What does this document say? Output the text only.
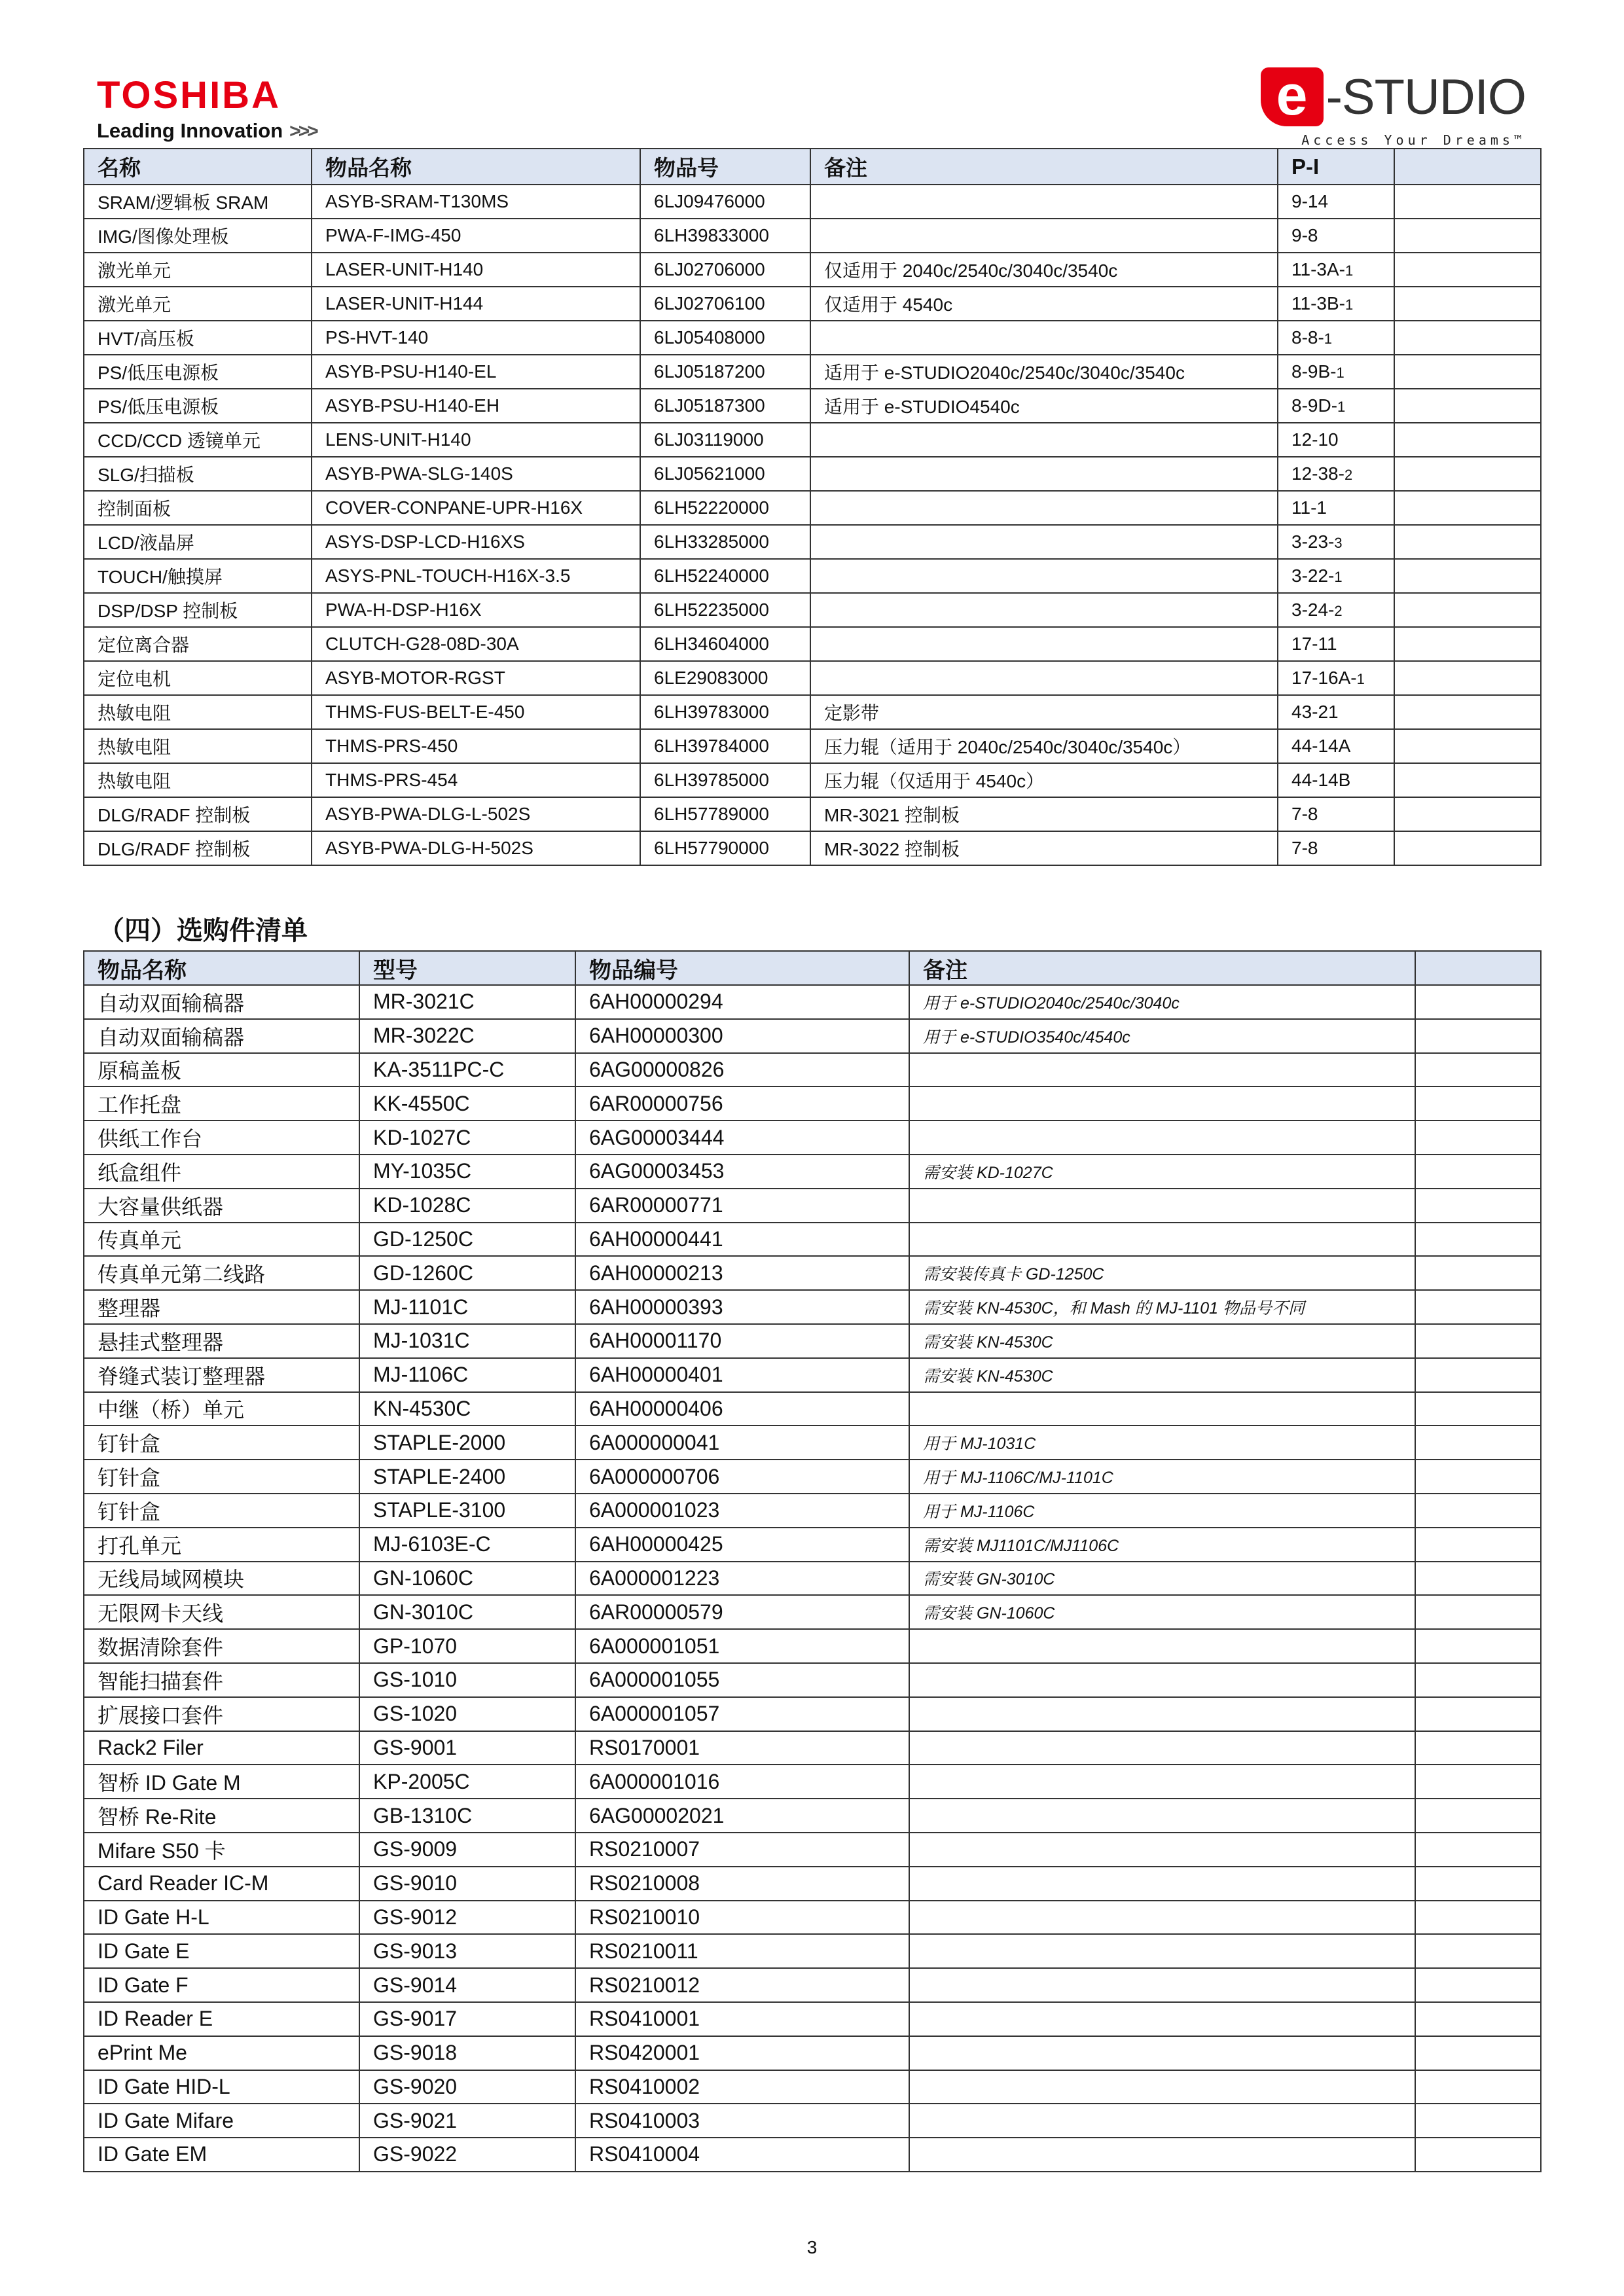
TOSHIBA
Leading Innovation >>>
e -STUDIO
Access Your Dreams™
名称	物品名称	物品号	备注	P-I	
SRAM/逻辑板 SRAM	ASYB-SRAM-T130MS	6LJ09476000		9-14	
IMG/图像处理板	PWA-F-IMG-450	6LH39833000		9-8	
激光单元	LASER-UNIT-H140	6LJ02706000	仅适用于 2040c/2540c/3040c/3540c	11-3A-1	
激光单元	LASER-UNIT-H144	6LJ02706100	仅适用于 4540c	11-3B-1	
HVT/高压板	PS-HVT-140	6LJ05408000		8-8-1	
PS/低压电源板	ASYB-PSU-H140-EL	6LJ05187200	适用于 e-STUDIO2040c/2540c/3040c/3540c	8-9B-1	
PS/低压电源板	ASYB-PSU-H140-EH	6LJ05187300	适用于 e-STUDIO4540c	8-9D-1	
CCD/CCD 透镜单元	LENS-UNIT-H140	6LJ03119000		12-10	
SLG/扫描板	ASYB-PWA-SLG-140S	6LJ05621000		12-38-2	
控制面板	COVER-CONPANE-UPR-H16X	6LH52220000		11-1	
LCD/液晶屏	ASYS-DSP-LCD-H16XS	6LH33285000		3-23-3	
TOUCH/触摸屏	ASYS-PNL-TOUCH-H16X-3.5	6LH52240000		3-22-1	
DSP/DSP 控制板	PWA-H-DSP-H16X	6LH52235000		3-24-2	
定位离合器	CLUTCH-G28-08D-30A	6LH34604000		17-11	
定位电机	ASYB-MOTOR-RGST	6LE29083000		17-16A-1	
热敏电阻	THMS-FUS-BELT-E-450	6LH39783000	定影带	43-21	
热敏电阻	THMS-PRS-450	6LH39784000	压力辊（适用于 2040c/2540c/3040c/3540c）	44-14A	
热敏电阻	THMS-PRS-454	6LH39785000	压力辊（仅适用于 4540c）	44-14B	
DLG/RADF 控制板	ASYB-PWA-DLG-L-502S	6LH57789000	MR-3021 控制板	7-8	
DLG/RADF 控制板	ASYB-PWA-DLG-H-502S	6LH57790000	MR-3022 控制板	7-8	
（四）选购件清单
物品名称	型号	物品编号	备注	
自动双面输稿器	MR-3021C	6AH00000294	用于 e-STUDIO2040c/2540c/3040c	
自动双面输稿器	MR-3022C	6AH00000300	用于 e-STUDIO3540c/4540c	
原稿盖板	KA-3511PC-C	6AG00000826		
工作托盘	KK-4550C	6AR00000756		
供纸工作台	KD-1027C	6AG00003444		
纸盒组件	MY-1035C	6AG00003453	需安装 KD-1027C	
大容量供纸器	KD-1028C	6AR00000771		
传真单元	GD-1250C	6AH00000441		
传真单元第二线路	GD-1260C	6AH00000213	需安装传真卡 GD-1250C	
整理器	MJ-1101C	6AH00000393	需安装 KN-4530C，和 Mash 的 MJ-1101 物品号不同	
悬挂式整理器	MJ-1031C	6AH00001170	需安装 KN-4530C	
脊缝式装订整理器	MJ-1106C	6AH00000401	需安装 KN-4530C	
中继（桥）单元	KN-4530C	6AH00000406		
钉针盒	STAPLE-2000	6A000000041	用于 MJ-1031C	
钉针盒	STAPLE-2400	6A000000706	用于 MJ-1106C/MJ-1101C	
钉针盒	STAPLE-3100	6A000001023	用于 MJ-1106C	
打孔单元	MJ-6103E-C	6AH00000425	需安装 MJ1101C/MJ1106C	
无线局域网模块	GN-1060C	6A000001223	需安装 GN-3010C	
无限网卡天线	GN-3010C	6AR00000579	需安装 GN-1060C	
数据清除套件	GP-1070	6A000001051		
智能扫描套件	GS-1010	6A000001055		
扩展接口套件	GS-1020	6A000001057		
Rack2 Filer	GS-9001	RS0170001		
智桥 ID Gate M	KP-2005C	6A000001016		
智桥 Re-Rite	GB-1310C	6AG00002021		
Mifare S50 卡	GS-9009	RS0210007		
Card Reader IC-M	GS-9010	RS0210008		
ID Gate H-L	GS-9012	RS0210010		
ID Gate E	GS-9013	RS0210011		
ID Gate F	GS-9014	RS0210012		
ID Reader E	GS-9017	RS0410001		
ePrint Me	GS-9018	RS0420001		
ID Gate HID-L	GS-9020	RS0410002		
ID Gate Mifare	GS-9021	RS0410003		
ID Gate EM	GS-9022	RS0410004		
3
